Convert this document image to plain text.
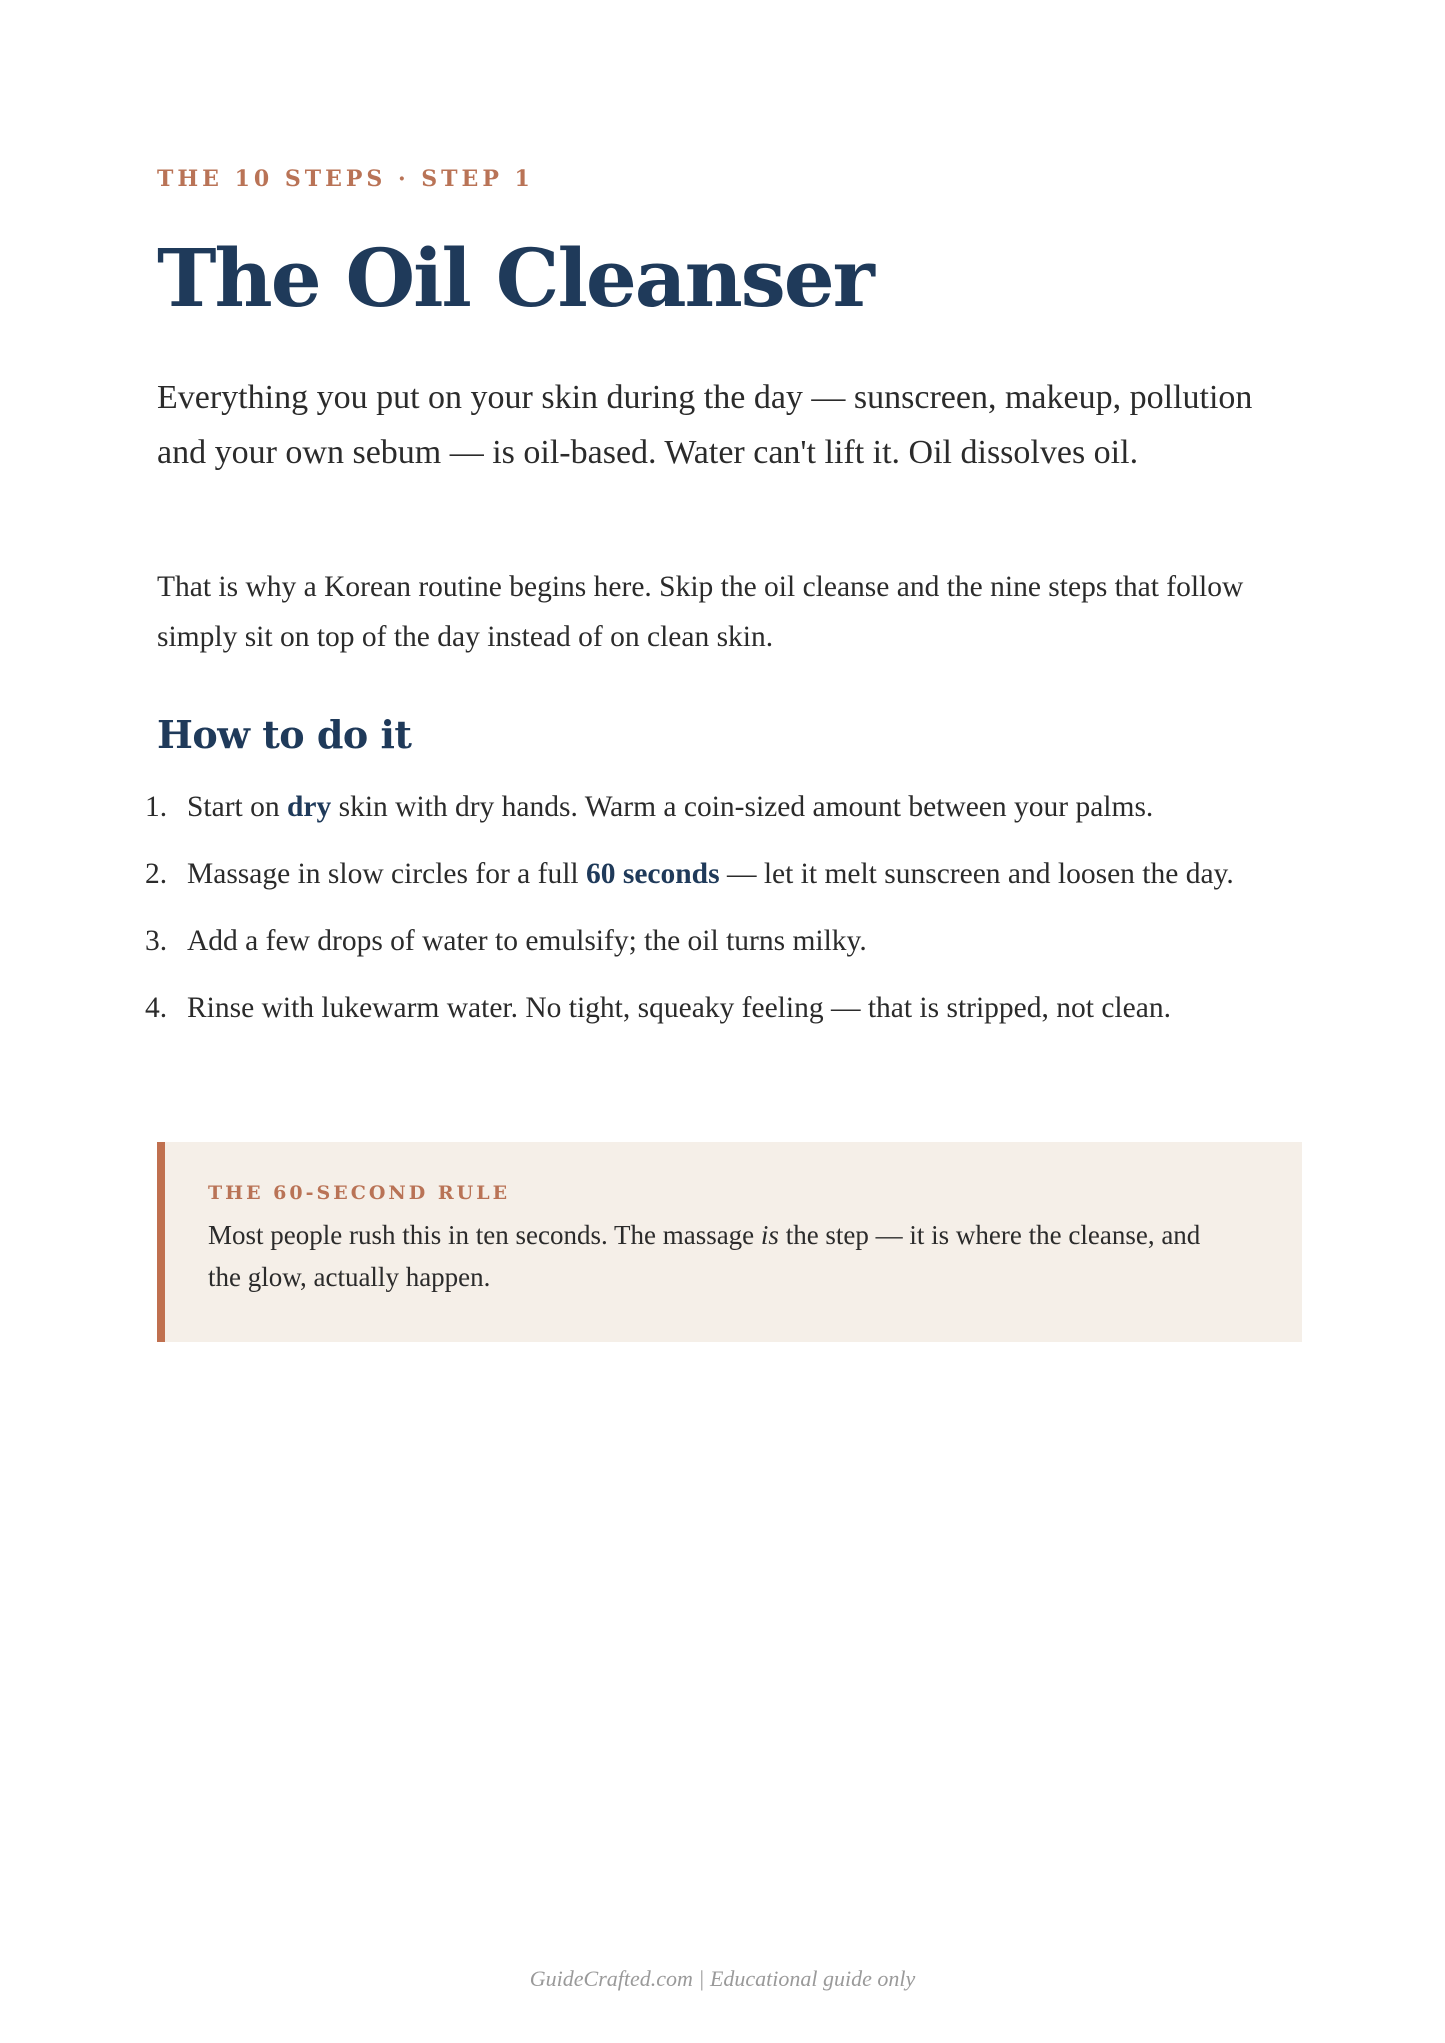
THE 10 STEPS · STEP 1
The Oil Cleanser

Everything you put on your skin during the day — sunscreen, makeup, pollution and your own sebum — is oil-based. Water can't lift it. Oil dissolves oil.

That is why a Korean routine begins here. Skip the oil cleanse and the nine steps that follow simply sit on top of the day instead of on clean skin.

How to do it
1. Start on dry skin with dry hands. Warm a coin-sized amount between your palms.
2. Massage in slow circles for a full 60 seconds — let it melt sunscreen and loosen the day.
3. Add a few drops of water to emulsify; the oil turns milky.
4. Rinse with lukewarm water. No tight, squeaky feeling — that is stripped, not clean.
THE 60-SECOND RULE
Most people rush this in ten seconds. The massage is the step — it is where the cleanse, and the glow, actually happen.
GuideCrafted.com | Educational guide only
